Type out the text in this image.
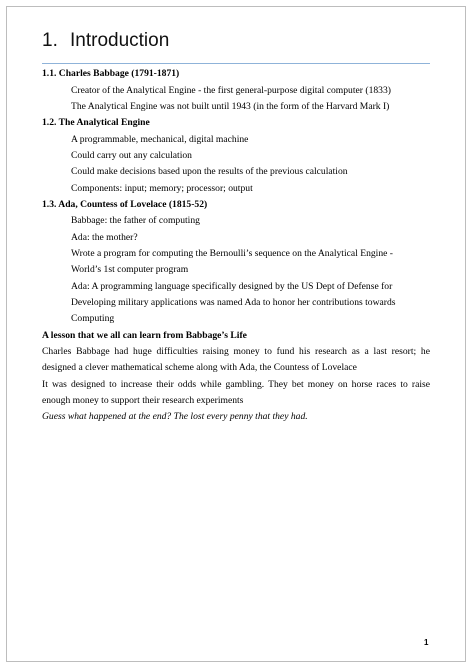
1. Introduction
1.1. Charles Babbage (1791-1871)
Creator of the Analytical Engine - the first general-purpose digital computer (1833)
The Analytical Engine was not built until 1943 (in the form of the Harvard Mark I)
1.2. The Analytical Engine
A programmable, mechanical, digital machine
Could carry out any calculation
Could make decisions based upon the results of the previous calculation
Components: input; memory; processor; output
1.3. Ada, Countess of Lovelace (1815-52)
Babbage: the father of computing
Ada: the mother?
Wrote a program for computing the Bernoulli’s sequence on the Analytical Engine -
World’s 1st computer program
Ada: A programming language specifically designed by the US Dept of Defense for
Developing military applications was named Ada to honor her contributions towards
Computing
A lesson that we all can learn from Babbage’s Life
Charles Babbage had huge difficulties raising money to fund his research as a last resort; he
designed a clever mathematical scheme along with Ada, the Countess of Lovelace
It was designed to increase their odds while gambling. They bet money on horse races to raise
enough money to support their research experiments
Guess what happened at the end? The lost every penny that they had.
1
